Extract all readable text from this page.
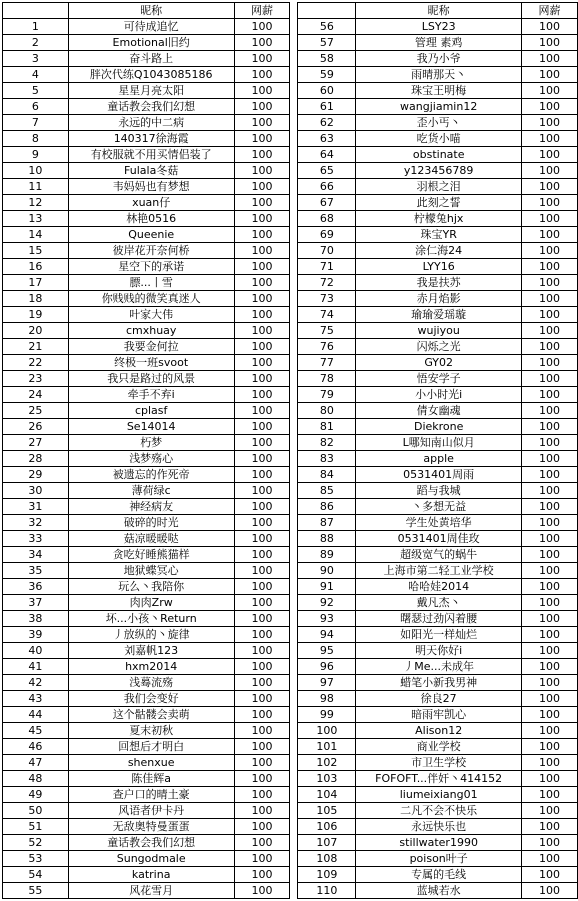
	昵称	网薪			昵称	网薪
1	可待成追忆	100		56	LSY23	100
2	Emotional旧约	100		57	管理 素鸡	100
3	奋斗路上	100		58	我乃小爷	100
4	胖次代练Q1043085186	100		59	雨晴那天丶	100
5	星星月亮太阳	100		60	珠宝王明梅	100
6	童话教会我们幻想	100		61	wangjiamin12	100
7	永远的中二病	100		62	歪小丐丶	100
8	140317徐海霞	100		63	吃货小喵	100
9	有校服就不用买情侣装了	100		64	obstinate	100
10	Fulala冬菇	100		65	y123456789	100
11	韦妈妈也有梦想	100		66	羽根之泪	100
12	xuan仔	100		67	此刻之誓	100
13	林艳0516	100		68	柠檬兔hjx	100
14	Queenie	100		69	珠宝YR	100
15	彼岸花开奈何桥	100		70	涂仁海24	100
16	星空下的承诺	100		71	LYY16	100
17	膘...丨雪	100		72	我是扶苏	100
18	你贱贱的微笑真迷人	100		73	赤月焰影	100
19	叶家大伟	100		74	瑜瑜爱瑶璇	100
20	cmxhuay	100		75	wujiyou	100
21	我要金何拉	100		76	闪烁之光	100
22	终极一班svoot	100		77	GY02	100
23	我只是路过的风景	100		78	悟安学子	100
24	牵手不弃i	100		79	小小时光i	100
25	cplasf	100		80	倩女幽魂	100
26	Se14014	100		81	Diekrone	100
27	朽梦	100		82	L哪知南山似月	100
28	浅梦殇心	100		83	apple	100
29	被遗忘的作死帝	100		84	0531401周雨	100
30	薄荷绿c	100		85	蹈与我城	100
31	神经病友	100		86	丶多想无益	100
32	破碎的时光	100		87	学生处黄培华	100
33	菇凉暖暖哒	100		88	0531401周佳玫	100
34	贪吃好睡熊猫样	100		89	超级宽气的蜗牛	100
35	地狱蝶冥心	100		90	上海市第二轻工业学校	100
36	玩么丶我陪你	100		91	哈哈娃2014	100
37	肉肉Zrw	100		92	戴凡杰丶	100
38	坏...小孩丶Return	100		93	曙瑟过劲闪着腰	100
39	丿放纵的丶旋律	100		94	如阳光一样灿烂	100
40	刘嘉帆123	100		95	明天你好i	100
41	hxm2014	100		96	丿Me...未成年	100
42	浅蓦流殇	100		97	蜡笔小新我男神	100
43	我们会变好	100		98	徐良27	100
44	这个骷髅会卖萌	100		99	暗雨牢凯心	100
45	夏末初秋	100		100	Alison12	100
46	回想后才明白	100		101	商业学校	100
47	shenxue	100		102	市卫生学校	100
48	陈佳辉a	100		103	FOFOFT...伴奸丶414152	100
49	查户口的晴土豪	100		104	liumeixiang01	100
50	风语者伊卡丹	100		105	二凡不会不快乐	100
51	无敌奥特曼蛋蛋	100		106	永远快乐也	100
52	童话教会我们幻想	100		107	stillwater1990	100
53	Sungodmale	100		108	poison叶子	100
54	katrina	100		109	专属的毛线	100
55	风花雪月	100		110	蓝城若水	100
